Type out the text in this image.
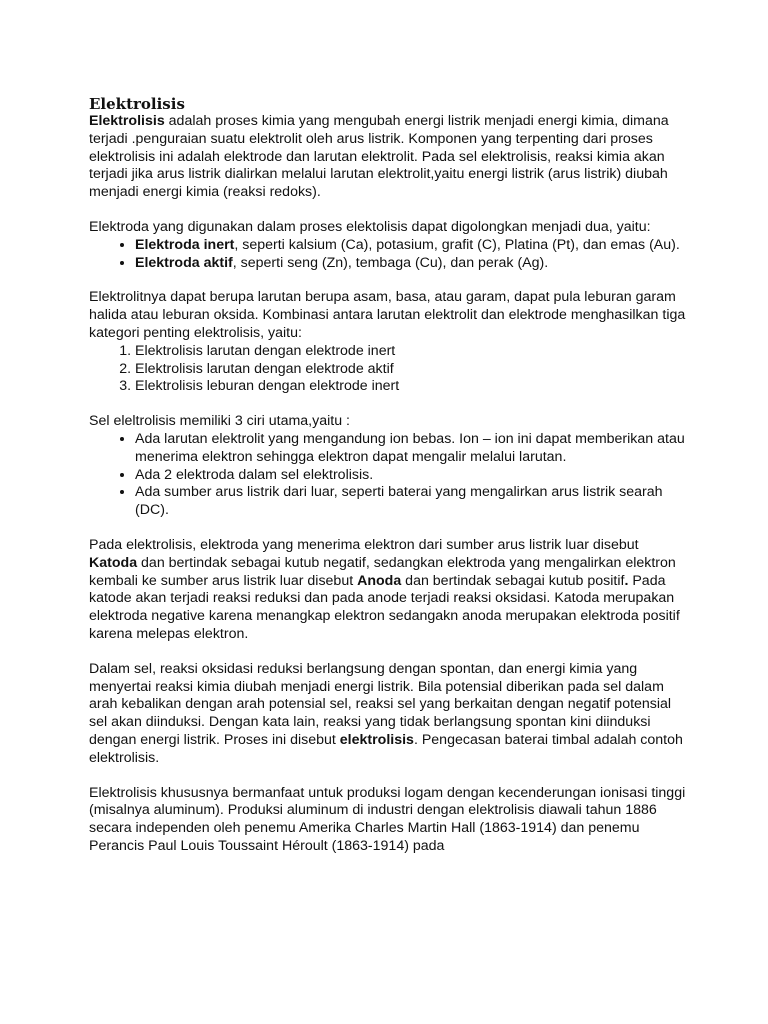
Elektrolisis

Elektrolisis adalah proses kimia yang mengubah energi listrik menjadi energi kimia, dimana terjadi .penguraian suatu elektrolit oleh arus listrik. Komponen yang terpenting dari proses elektrolisis ini adalah elektrode dan larutan elektrolit. Pada sel elektrolisis, reaksi kimia akan terjadi jika arus listrik dialirkan melalui larutan elektrolit,yaitu energi listrik (arus listrik) diubah menjadi energi kimia (reaksi redoks).

Elektroda yang digunakan dalam proses elektolisis dapat digolongkan menjadi dua, yaitu:

• Elektroda inert, seperti kalsium (Ca), potasium, grafit (C), Platina (Pt), dan emas (Au).
• Elektroda aktif, seperti seng (Zn), tembaga (Cu), dan perak (Ag).

Elektrolitnya dapat berupa larutan berupa asam, basa, atau garam, dapat pula leburan garam halida atau leburan oksida. Kombinasi antara larutan elektrolit dan elektrode menghasilkan tiga kategori penting elektrolisis, yaitu:

1. Elektrolisis larutan dengan elektrode inert
2. Elektrolisis larutan dengan elektrode aktif
3. Elektrolisis leburan dengan elektrode inert

Sel eleltrolisis memiliki 3 ciri utama,yaitu :

• Ada larutan elektrolit yang mengandung ion bebas. Ion – ion ini dapat memberikan atau menerima elektron sehingga elektron dapat mengalir melalui larutan.
• Ada 2 elektroda dalam sel elektrolisis.
• Ada sumber arus listrik dari luar, seperti baterai yang mengalirkan arus listrik searah (DC).

Pada elektrolisis, elektroda yang menerima elektron dari sumber arus listrik luar disebut Katoda dan bertindak sebagai kutub negatif, sedangkan elektroda yang mengalirkan elektron kembali ke sumber arus listrik luar disebut Anoda dan bertindak sebagai kutub positif. Pada katode akan terjadi reaksi reduksi dan pada anode terjadi reaksi oksidasi. Katoda merupakan elektroda negative karena menangkap elektron sedangakn anoda merupakan elektroda positif karena melepas elektron.

Dalam sel, reaksi oksidasi reduksi berlangsung dengan spontan, dan energi kimia yang menyertai reaksi kimia diubah menjadi energi listrik. Bila potensial diberikan pada sel dalam arah kebalikan dengan arah potensial sel, reaksi sel yang berkaitan dengan negatif potensial sel akan diinduksi. Dengan kata lain, reaksi yang tidak berlangsung spontan kini diinduksi dengan energi listrik. Proses ini disebut elektrolisis. Pengecasan baterai timbal adalah contoh elektrolisis.

Elektrolisis khususnya bermanfaat untuk produksi logam dengan kecenderungan ionisasi tinggi (misalnya aluminum). Produksi aluminum di industri dengan elektrolisis diawali tahun 1886 secara independen oleh penemu Amerika Charles Martin Hall (1863-1914) dan penemu Perancis Paul Louis Toussaint Héroult (1863-1914) pada
